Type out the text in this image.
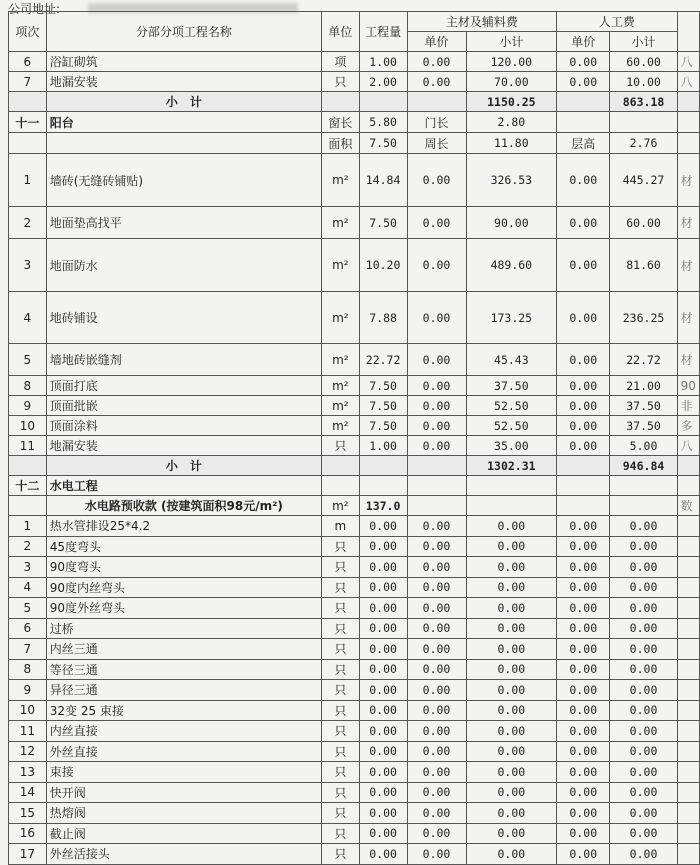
公司地址:
项次	分部分项工程名称	单位	工程量	主材及辅料费		人工费		
				单价	小计	单价	小计	
6	浴缸砌筑	项	1.00	0.00	120.00	0.00	60.00	八
7	地漏安装	只	2.00	0.00	70.00	0.00	10.00	八
	小　计				1150.25		863.18	
十一	阳台	窗长	5.80	门长	2.80			
		面积	7.50	周长	11.80	层高	2.76	
1	墙砖(无缝砖铺贴)	m²	14.84	0.00	326.53	0.00	445.27	材
2	地面垫高找平	m²	7.50	0.00	90.00	0.00	60.00	材
3	地面防水	m²	10.20	0.00	489.60	0.00	81.60	材
4	地砖铺设	m²	7.88	0.00	173.25	0.00	236.25	材
5	墙地砖嵌缝剂	m²	22.72	0.00	45.43	0.00	22.72	材
8	顶面打底	m²	7.50	0.00	37.50	0.00	21.00	90
9	顶面批嵌	m²	7.50	0.00	52.50	0.00	37.50	非
10	顶面涂料	m²	7.50	0.00	52.50	0.00	37.50	多
11	地漏安装	只	1.00	0.00	35.00	0.00	5.00	八
	小　计				1302.31		946.84	
十二	水电工程							
	水电路预收款 (按建筑面积98元/m²)	m²	137.0					数
1	热水管排设25*4.2	m	0.00	0.00	0.00	0.00	0.00	
2	45度弯头	只	0.00	0.00	0.00	0.00	0.00	
3	90度弯头	只	0.00	0.00	0.00	0.00	0.00	
4	90度内丝弯头	只	0.00	0.00	0.00	0.00	0.00	
5	90度外丝弯头	只	0.00	0.00	0.00	0.00	0.00	
6	过桥	只	0.00	0.00	0.00	0.00	0.00	
7	内丝三通	只	0.00	0.00	0.00	0.00	0.00	
8	等径三通	只	0.00	0.00	0.00	0.00	0.00	
9	异径三通	只	0.00	0.00	0.00	0.00	0.00	
10	32变 25 束接	只	0.00	0.00	0.00	0.00	0.00	
11	内丝直接	只	0.00	0.00	0.00	0.00	0.00	
12	外丝直接	只	0.00	0.00	0.00	0.00	0.00	
13	束接	只	0.00	0.00	0.00	0.00	0.00	
14	快开阀	只	0.00	0.00	0.00	0.00	0.00	
15	热熔阀	只	0.00	0.00	0.00	0.00	0.00	
16	截止阀	只	0.00	0.00	0.00	0.00	0.00	
17	外丝活接头	只	0.00	0.00	0.00	0.00	0.00	
